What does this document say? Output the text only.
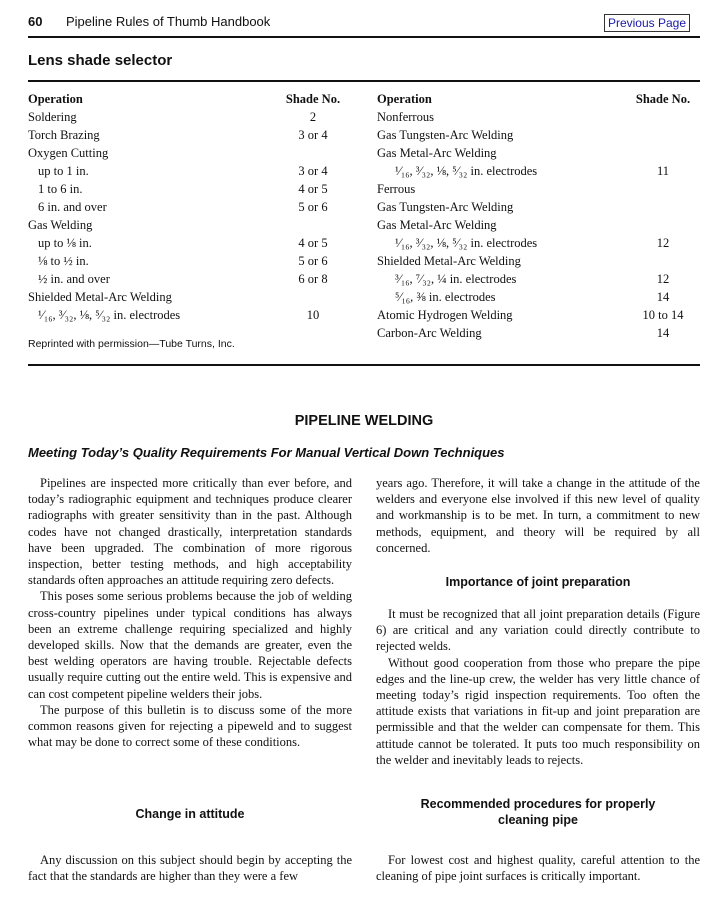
60 Pipeline Rules of Thumb Handbook	Previous Page
Lens shade selector
Operation	Shade No.
Soldering	2
Torch Brazing	3 or 4
Oxygen Cutting
up to 1 in.	3 or 4
1 to 6 in.	4 or 5
6 in. and over	5 or 6
Gas Welding
up to ⅛ in.	4 or 5
⅛ to ½ in.	5 or 6
½ in. and over	6 or 8
Shielded Metal-Arc Welding
¹⁄₁₆, ³⁄₃₂, ⅛, ⁵⁄₃₂ in. electrodes	10
Operation	Shade No.
Nonferrous
Gas Tungsten-Arc Welding
Gas Metal-Arc Welding
¹⁄₁₆, ³⁄₃₂, ⅛, ⁵⁄₃₂ in. electrodes	11
Ferrous
Gas Tungsten-Arc Welding
Gas Metal-Arc Welding
¹⁄₁₆, ³⁄₃₂, ⅛, ⁵⁄₃₂ in. electrodes	12
Shielded Metal-Arc Welding
³⁄₁₆, ⁷⁄₃₂, ¼ in. electrodes	12
⁵⁄₁₆, ⅜ in. electrodes	14
Atomic Hydrogen Welding	10 to 14
Carbon-Arc Welding	14
Reprinted with permission—Tube Turns, Inc.
PIPELINE WELDING
Meeting Today’s Quality Requirements For Manual Vertical Down Techniques

Pipelines are inspected more critically than ever before, and today’s radiographic equipment and techniques produce clearer radiographs with greater sensitivity than in the past. Although codes have not changed drastically, interpretation standards have been upgraded. The combination of more rigorous inspection, better testing methods, and high acceptability standards often approaches an attitude requiring zero defects.

This poses some serious problems because the job of welding cross-country pipelines under typical conditions has always been an extreme challenge requiring specialized and highly developed skills. Now that the demands are greater, even the best welding operators are having trouble. Rejectable defects usually require cutting out the entire weld. This is expensive and can cost competent pipeline welders their jobs.

The purpose of this bulletin is to discuss some of the more common reasons given for rejecting a pipeweld and to suggest what may be done to correct some of these conditions.

Change in attitude

Any discussion on this subject should begin by accepting the fact that the standards are higher than they were a few

years ago. Therefore, it will take a change in the attitude of the welders and everyone else involved if this new level of quality and workmanship is to be met. In turn, a commitment to new methods, equipment, and theory will be required by all concerned.

Importance of joint preparation

It must be recognized that all joint preparation details (Figure 6) are critical and any variation could directly contribute to rejected welds.

Without good cooperation from those who prepare the pipe edges and the line-up crew, the welder has very little chance of meeting today’s rigid inspection requirements. Too often the attitude exists that variations in fit-up and joint preparation are permissible and that the welder can compensate for them. This attitude cannot be tolerated. It puts too much responsibility on the welder and inevitably leads to rejects.

Recommended procedures for properly
cleaning pipe

For lowest cost and highest quality, careful attention to the cleaning of pipe joint surfaces is critically important.
